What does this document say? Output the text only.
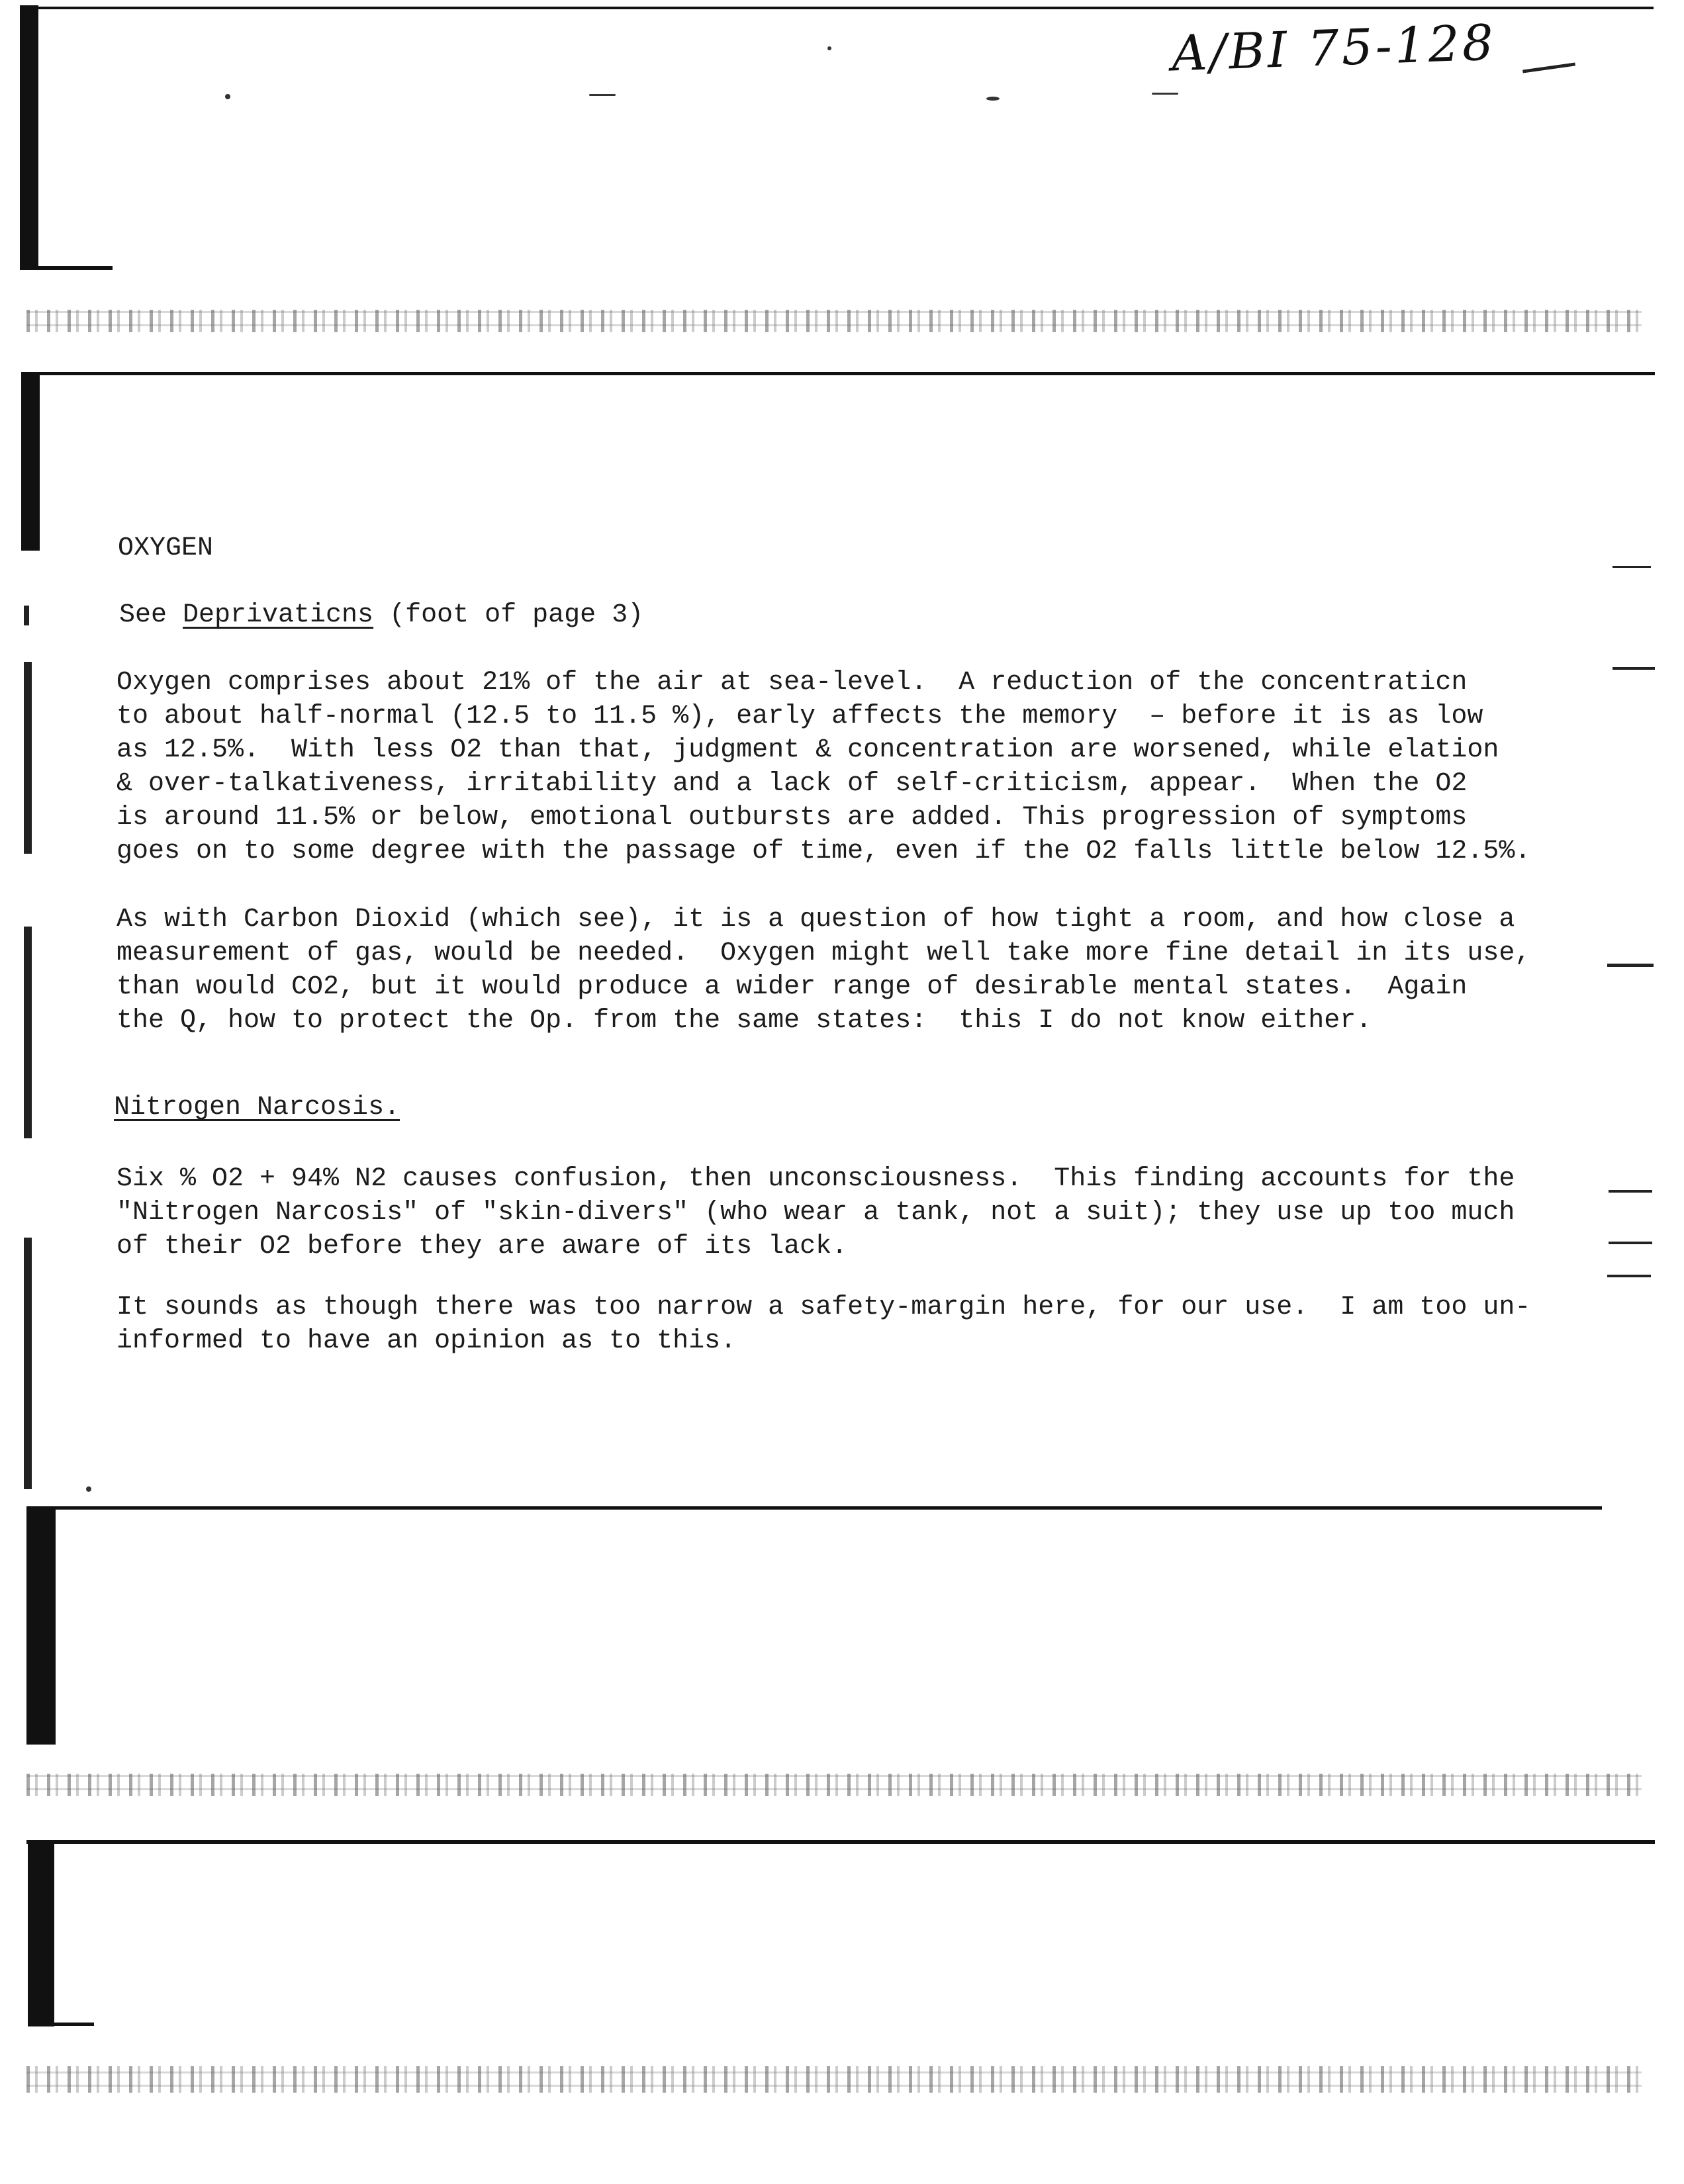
A/BI 75-128
OXYGEN
See Deprivaticns (foot of page 3)
Oxygen comprises about 21% of the air at sea-level.  A reduction of the concentraticn
to about half-normal (12.5 to 11.5 %), early affects the memory  – before it is as low
as 12.5%.  With less O2 than that, judgment & concentration are worsened, while elation
& over-talkativeness, irritability and a lack of self-criticism, appear.  When the O2
is around 11.5% or below, emotional outbursts are added. This progression of symptoms
goes on to some degree with the passage of time, even if the O2 falls little below 12.5%.
As with Carbon Dioxid (which see), it is a question of how tight a room, and how close a
measurement of gas, would be needed.  Oxygen might well take more fine detail in its use,
than would CO2, but it would produce a wider range of desirable mental states.  Again
the Q, how to protect the Op. from the same states:  this I do not know either.
Nitrogen Narcosis.
Six % O2 + 94% N2 causes confusion, then unconsciousness.  This finding accounts for the
"Nitrogen Narcosis" of "skin-divers" (who wear a tank, not a suit); they use up too much
of their O2 before they are aware of its lack.
It sounds as though there was too narrow a safety-margin here, for our use.  I am too un-
informed to have an opinion as to this.
